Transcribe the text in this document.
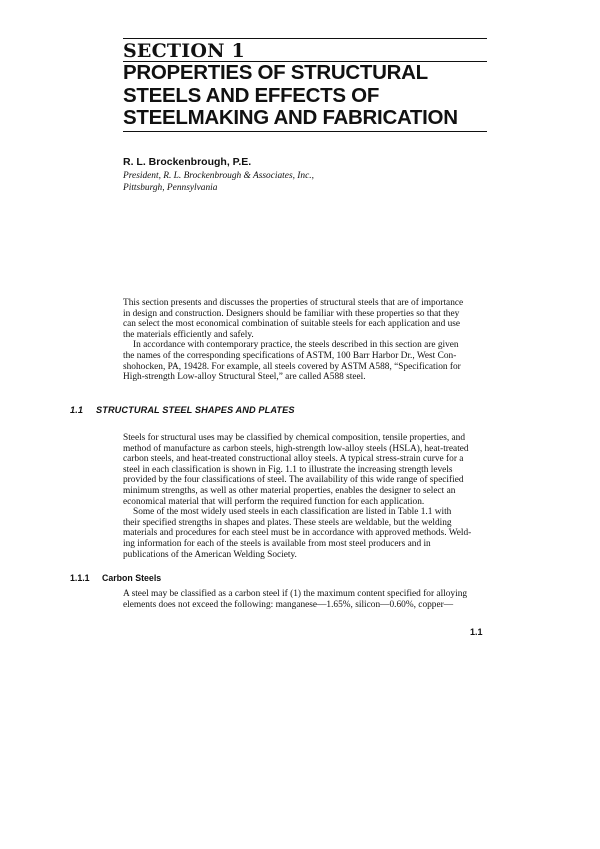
SECTION 1
PROPERTIES OF STRUCTURAL
STEELS AND EFFECTS OF
STEELMAKING AND FABRICATION
R. L. Brockenbrough, P.E.
President, R. L. Brockenbrough & Associates, Inc.,
Pittsburgh, Pennsylvania
This section presents and discusses the properties of structural steels that are of importance
in design and construction. Designers should be familiar with these properties so that they
can select the most economical combination of suitable steels for each application and use
the materials efficiently and safely.
In accordance with contemporary practice, the steels described in this section are given
the names of the corresponding specifications of ASTM, 100 Barr Harbor Dr., West Con-
shohocken, PA, 19428. For example, all steels covered by ASTM A588, “Specification for
High-strength Low-alloy Structural Steel,” are called A588 steel.
1.1 STRUCTURAL STEEL SHAPES AND PLATES
Steels for structural uses may be classified by chemical composition, tensile properties, and
method of manufacture as carbon steels, high-strength low-alloy steels (HSLA), heat-treated
carbon steels, and heat-treated constructional alloy steels. A typical stress-strain curve for a
steel in each classification is shown in Fig. 1.1 to illustrate the increasing strength levels
provided by the four classifications of steel. The availability of this wide range of specified
minimum strengths, as well as other material properties, enables the designer to select an
economical material that will perform the required function for each application.
Some of the most widely used steels in each classification are listed in Table 1.1 with
their specified strengths in shapes and plates. These steels are weldable, but the welding
materials and procedures for each steel must be in accordance with approved methods. Weld-
ing information for each of the steels is available from most steel producers and in
publications of the American Welding Society.
1.1.1 Carbon Steels
A steel may be classified as a carbon steel if (1) the maximum content specified for alloying
elements does not exceed the following: manganese—1.65%, silicon—0.60%, copper—
1.1
